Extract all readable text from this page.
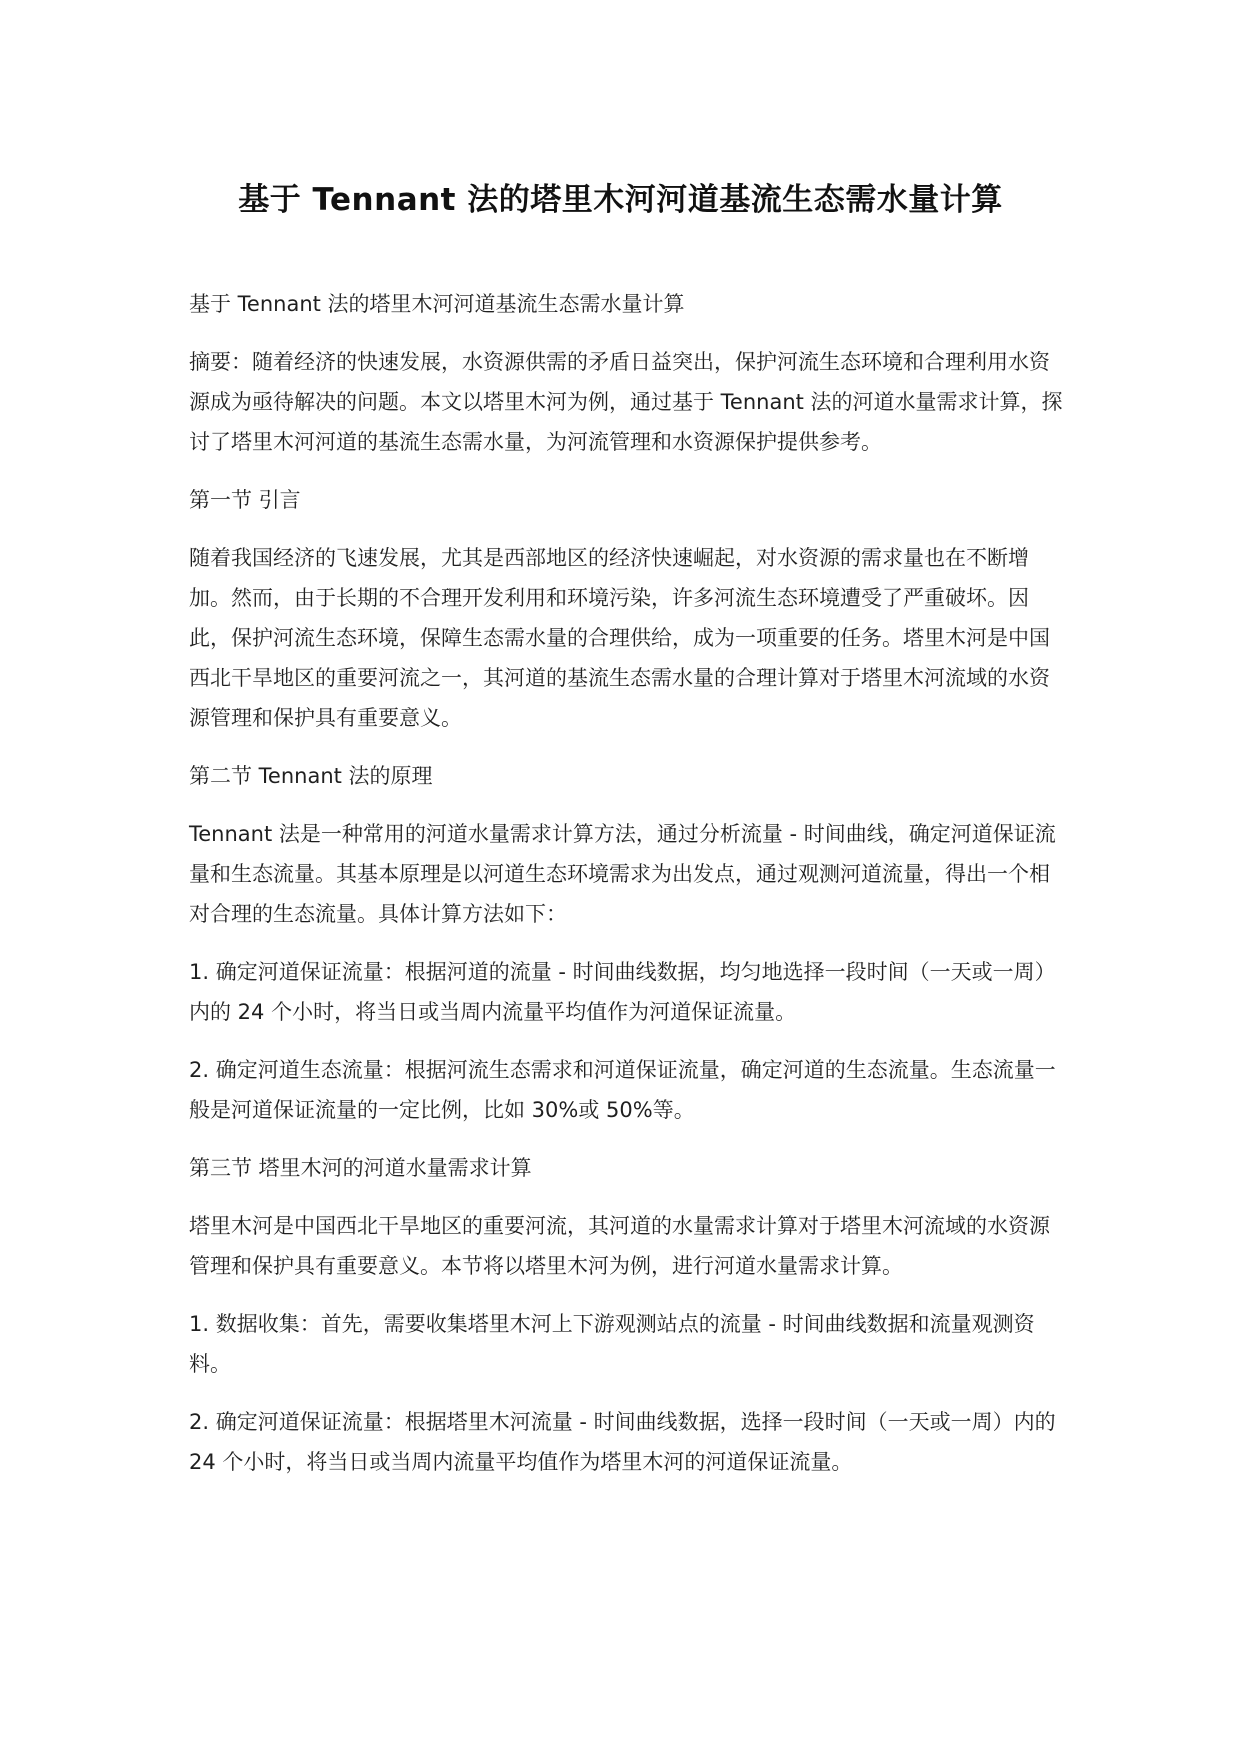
基于 Tennant 法的塔里木河河道基流生态需水量计算

基于 Tennant 法的塔里木河河道基流生态需水量计算

摘要：随着经济的快速发展，水资源供需的矛盾日益突出，保护河流生态环境和合理利用水资源成为亟待解决的问题。本文以塔里木河为例，通过基于 Tennant 法的河道水量需求计算，探讨了塔里木河河道的基流生态需水量，为河流管理和水资源保护提供参考。

第一节 引言

随着我国经济的飞速发展，尤其是西部地区的经济快速崛起，对水资源的需求量也在不断增加。然而，由于长期的不合理开发利用和环境污染，许多河流生态环境遭受了严重破坏。因此，保护河流生态环境，保障生态需水量的合理供给，成为一项重要的任务。塔里木河是中国西北干旱地区的重要河流之一，其河道的基流生态需水量的合理计算对于塔里木河流域的水资源管理和保护具有重要意义。

第二节 Tennant 法的原理

Tennant 法是一种常用的河道水量需求计算方法，通过分析流量 - 时间曲线，确定河道保证流量和生态流量。其基本原理是以河道生态环境需求为出发点，通过观测河道流量，得出一个相对合理的生态流量。具体计算方法如下：

1. 确定河道保证流量：根据河道的流量 - 时间曲线数据，均匀地选择一段时间（一天或一周）内的 24 个小时，将当日或当周内流量平均值作为河道保证流量。

2. 确定河道生态流量：根据河流生态需求和河道保证流量，确定河道的生态流量。生态流量一般是河道保证流量的一定比例，比如 30%或 50%等。

第三节 塔里木河的河道水量需求计算

塔里木河是中国西北干旱地区的重要河流，其河道的水量需求计算对于塔里木河流域的水资源管理和保护具有重要意义。本节将以塔里木河为例，进行河道水量需求计算。

1. 数据收集：首先，需要收集塔里木河上下游观测站点的流量 - 时间曲线数据和流量观测资料。

2. 确定河道保证流量：根据塔里木河流量 - 时间曲线数据，选择一段时间（一天或一周）内的 24 个小时，将当日或当周内流量平均值作为塔里木河的河道保证流量。
